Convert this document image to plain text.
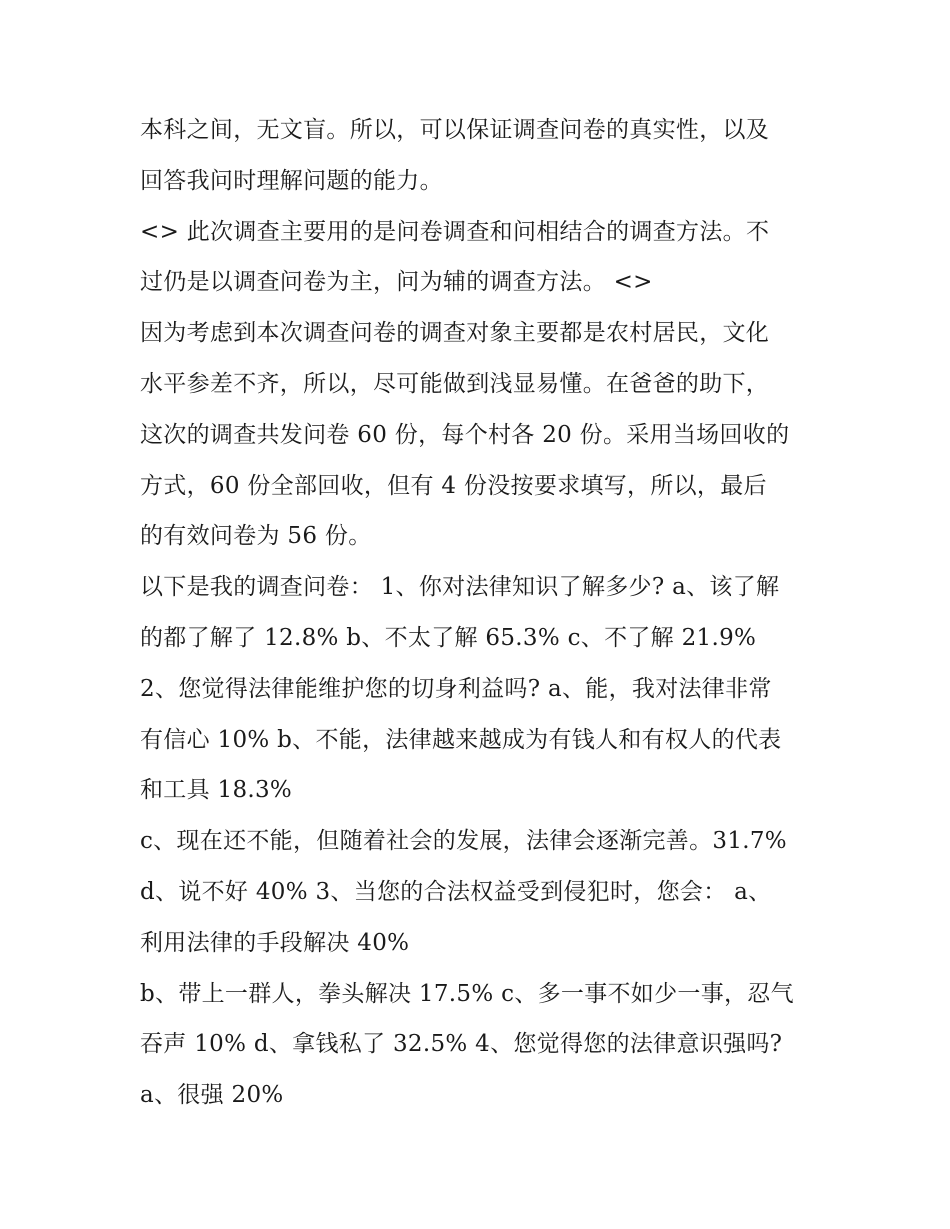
本科之间，无文盲。所以，可以保证调查问卷的真实性，以及
回答我问时理解问题的能力。
<> 此次调查主要用的是问卷调查和问相结合的调查方法。不
过仍是以调查问卷为主，问为辅的调查方法。 <>
因为考虑到本次调查问卷的调查对象主要都是农村居民，文化
水平参差不齐，所以，尽可能做到浅显易懂。在爸爸的助下，
这次的调查共发问卷 60 份，每个村各 20 份。采用当场回收的
方式，60 份全部回收，但有 4 份没按要求填写，所以，最后
的有效问卷为 56 份。
以下是我的调查问卷： 1、你对法律知识了解多少? a、该了解
的都了解了 12.8% b、不太了解 65.3% c、不了解 21.9%
2、您觉得法律能维护您的切身利益吗? a、能，我对法律非常
有信心 10% b、不能，法律越来越成为有钱人和有权人的代表
和工具 18.3%
c、现在还不能，但随着社会的发展，法律会逐渐完善。31.7%
d、说不好 40% 3、当您的合法权益受到侵犯时，您会： a、
利用法律的手段解决 40%
b、带上一群人，拳头解决 17.5% c、多一事不如少一事，忍气
吞声 10% d、拿钱私了 32.5% 4、您觉得您的法律意识强吗?
a、很强 20%
